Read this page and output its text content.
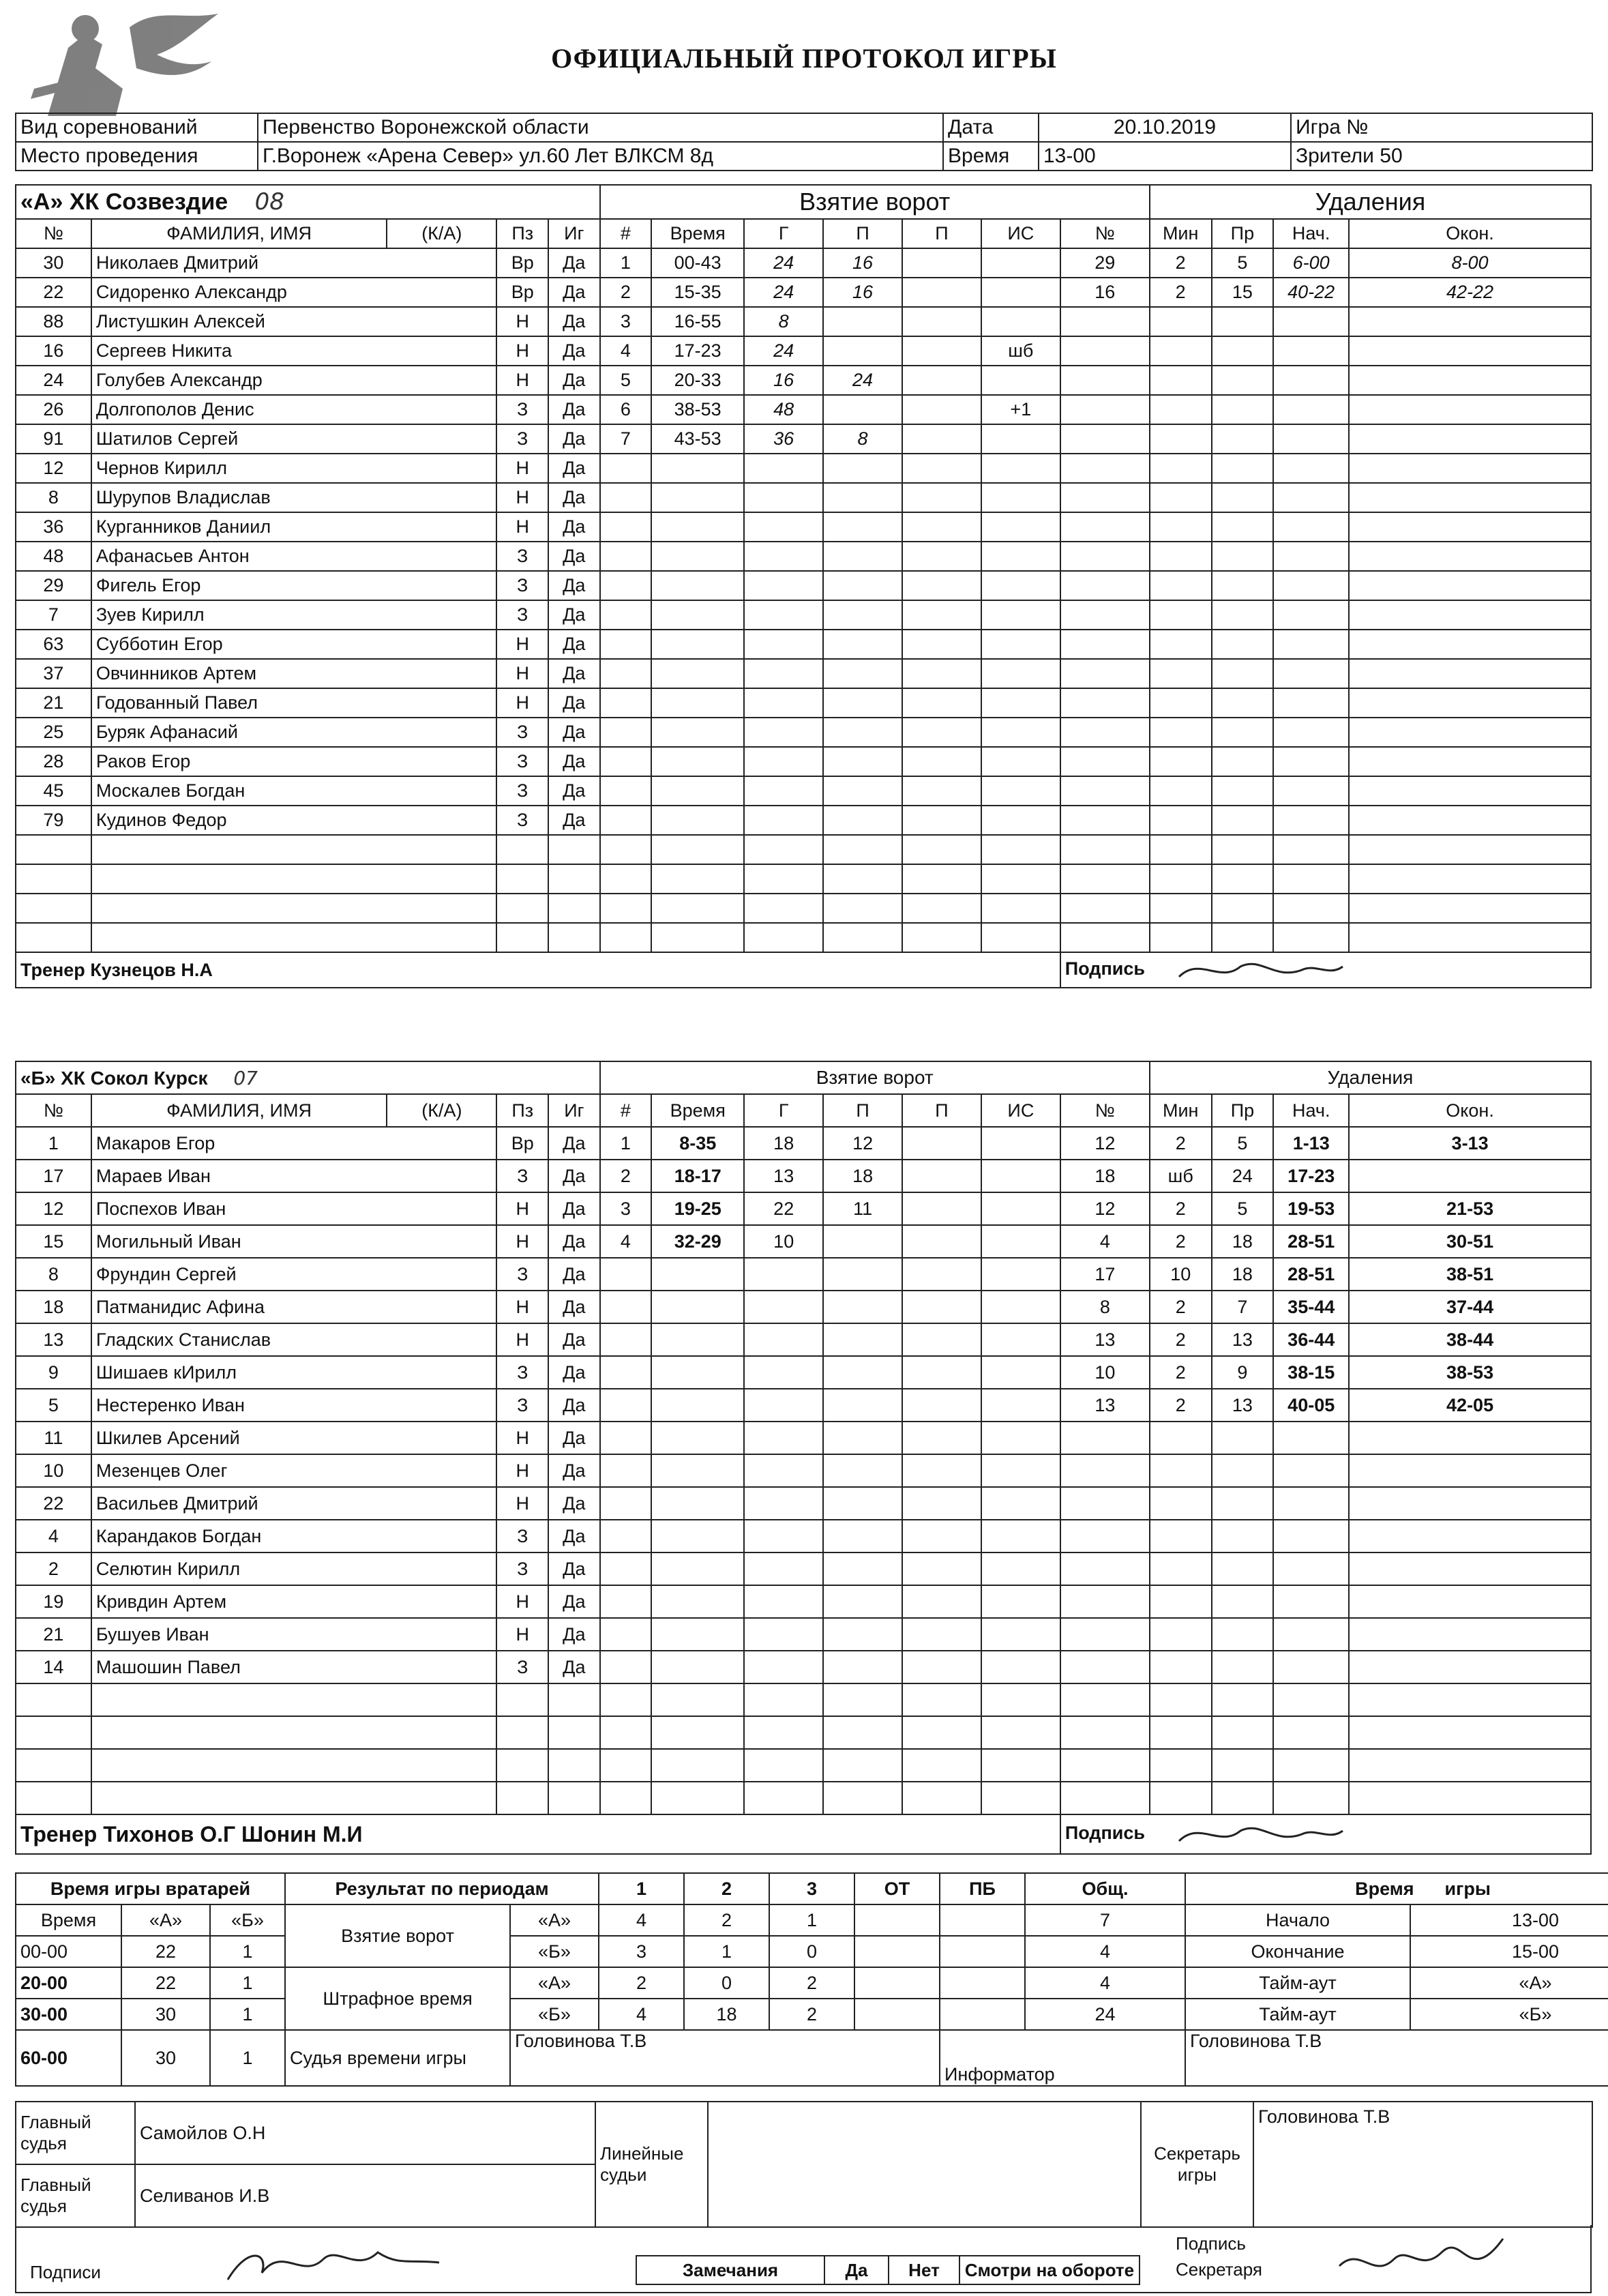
ОФИЦИАЛЬНЫЙ ПРОТОКОЛ ИГРЫ
Вид соревнований	Первенство Воронежской области	Дата	20.10.2019	Игра №
Место проведения	Г.Воронеж «Арена Север» ул.60 Лет ВЛКСМ 8д	Время	13-00	Зрители 50
«А» ХК Созвездие 08					Взятие ворот							Удаления			
№	ФАМИЛИЯ, ИМЯ	(К/А)	Пз	Иг	#	Время	Г	П	П	ИС	№	Мин	Пр	Нач.	Окон.
30	Николаев Дмитрий		Вр	Да	1	00-43	24	16			29	2	5	6-00	8-00
22	Сидоренко Александр		Вр	Да	2	15-35	24	16			16	2	15	40-22	42-22
88	Листушкин Алексей		Н	Да	3	16-55	8								
16	Сергеев Никита		Н	Да	4	17-23	24			шб					
24	Голубев Александр		Н	Да	5	20-33	16	24							
26	Долгополов Денис		З	Да	6	38-53	48			+1					
91	Шатилов Сергей		З	Да	7	43-53	36	8							
12	Чернов Кирилл		Н	Да											
8	Шурупов Владислав		Н	Да											
36	Курганников Даниил		Н	Да											
48	Афанасьев Антон		З	Да											
29	Фигель Егор		З	Да											
7	Зуев Кирилл		З	Да											
63	Субботин Егор		Н	Да											
37	Овчинников Артем		Н	Да											
21	Годованный Павел		Н	Да											
25	Буряк Афанасий		З	Да											
28	Раков Егор		З	Да											
45	Москалев Богдан		З	Да											
79	Кудинов Федор		З	Да											

Тренер Кузнецов Н.А											Подпись				
«Б» ХК Сокол Курск 07					Взятие ворот							Удаления			
№	ФАМИЛИЯ, ИМЯ	(К/А)	Пз	Иг	#	Время	Г	П	П	ИС	№	Мин	Пр	Нач.	Окон.
1	Макаров Егор		Вр	Да	1	8-35	18	12			12	2	5	1-13	3-13
17	Мараев Иван		З	Да	2	18-17	13	18			18	шб	24	17-23	
12	Поспехов Иван		Н	Да	3	19-25	22	11			12	2	5	19-53	21-53
15	Могильный Иван		Н	Да	4	32-29	10				4	2	18	28-51	30-51
8	Фрундин Сергей		З	Да							17	10	18	28-51	38-51
18	Патманидис Афина		Н	Да							8	2	7	35-44	37-44
13	Гладских Станислав		Н	Да							13	2	13	36-44	38-44
9	Шишаев кИрилл		З	Да							10	2	9	38-15	38-53
5	Нестеренко Иван		З	Да							13	2	13	40-05	42-05
11	Шкилев Арсений		Н	Да											
10	Мезенцев Олег		Н	Да											
22	Васильев Дмитрий		Н	Да											
4	Карандаков Богдан		З	Да											
2	Селютин Кирилл		З	Да											
19	Кривдин Артем		Н	Да											
21	Бушуев Иван		Н	Да											
14	Машошин Павел		З	Да											

Тренер Тихонов О.Г Шонин М.И											Подпись				
Время игры вратарей			Результат по периодам		1	2	3	ОТ	ПБ	Общ.	Время игры	
Время	«А»	«Б»	Взятие ворот	«А»	4	2	1			7	Начало	13-00
00-00	22	1		«Б»	3	1	0			4	Окончание	15-00
20-00	22	1	Штрафное время	«А»	2	0	2			4	Тайм-аут	«А»
30-00	30	1		«Б»	4	18	2			24	Тайм-аут	«Б»
60-00	30	1	Судья времени игры	Головинова Т.В					Информатор		Головинова Т.В	
Главный судья	Самойлов О.Н	Линейные судьи		Секретарь игры	Головинова Т.В
Главный судья	Селиванов И.В				
Подписи	Замечания	Да	Нет	Смотри на обороте
Подпись Секретаря
